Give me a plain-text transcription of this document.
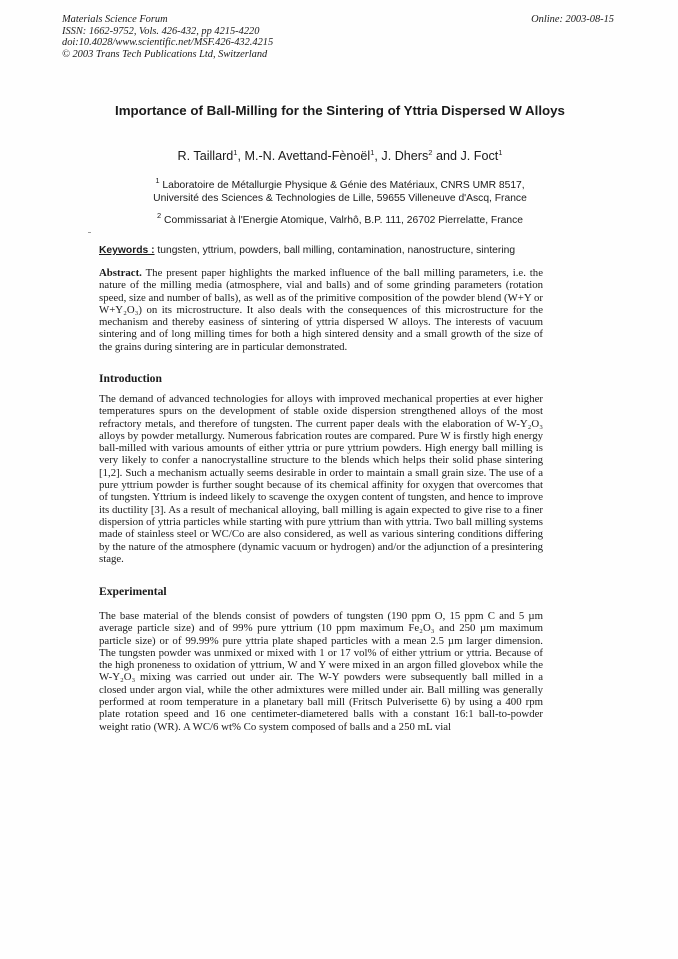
Materials Science Forum
ISSN: 1662-9752, Vols. 426-432, pp 4215-4220
doi:10.4028/www.scientific.net/MSF.426-432.4215
© 2003 Trans Tech Publications Ltd, Switzerland
Online: 2003-08-15
Importance of Ball-Milling for the Sintering of Yttria Dispersed W Alloys
R. Taillard$^1$, M.-N. Avettand-Fènoël$^1$, J. Dhers$^2$ and J. Foct$^1$
$^1$ Laboratoire de Métallurgie Physique & Génie des Matériaux, CNRS UMR 8517,
Université des Sciences & Technologies de Lille, 59655 Villeneuve d'Ascq, France
$^2$ Commissariat à l'Energie Atomique, Valrhô, B.P. 111, 26702 Pierrelatte, France
Keywords : tungsten, yttrium, powders, ball milling, contamination, nanostructure, sintering
Abstract. The present paper highlights the marked influence of the ball milling parameters, i.e. the nature of the milling media (atmosphere, vial and balls) and of some grinding parameters (rotation speed, size and number of balls), as well as of the primitive composition of the powder blend (W+Y or W+Y₂O₃) on its microstructure. It also deals with the consequences of this microstructure for the mechanism and thereby easiness of sintering of yttria dispersed W alloys. The interests of vacuum sintering and of long milling times for both a high sintered density and a small growth of the size of the grains during sintering are in particular demonstrated.
Introduction
The demand of advanced technologies for alloys with improved mechanical properties at ever higher temperatures spurs on the development of stable oxide dispersion strengthened alloys of the most refractory metals, and therefore of tungsten. The current paper deals with the elaboration of W-Y₂O₃ alloys by powder metallurgy. Numerous fabrication routes are compared. Pure W is firstly high energy ball-milled with various amounts of either yttria or pure yttrium powders. High energy ball milling is very likely to confer a nanocrystalline structure to the blends which helps their solid phase sintering [1,2]. Such a mechanism actually seems desirable in order to maintain a small grain size. The use of a pure yttrium powder is further sought because of its chemical affinity for oxygen that overcomes that of tungsten. Yttrium is indeed likely to scavenge the oxygen content of tungsten, and hence to improve its ductility [3]. As a result of mechanical alloying, ball milling is again expected to give rise to a finer dispersion of yttria particles while starting with pure yttrium than with yttria. Two ball milling systems made of stainless steel or WC/Co are also considered, as well as various sintering conditions differing by the nature of the atmosphere (dynamic vacuum or hydrogen) and/or the adjunction of a presintering stage.
Experimental
The base material of the blends consist of powders of tungsten (190 ppm O, 15 ppm C and 5 µm average particle size) and of 99% pure yttrium (10 ppm maximum Fe₂O₃ and 250 µm maximum particle size) or of 99.99% pure yttria plate shaped particles with a mean 2.5 µm larger dimension. The tungsten powder was unmixed or mixed with 1 or 17 vol% of either yttrium or yttria. Because of the high proneness to oxidation of yttrium, W and Y were mixed in an argon filled glovebox while the W-Y₂O₃ mixing was carried out under air. The W-Y powders were subsequently ball milled in a closed under argon vial, while the other admixtures were milled under air. Ball milling was generally performed at room temperature in a planetary ball mill (Fritsch Pulverisette 6) by using a 400 rpm plate rotation speed and 16 one centimeter-diametered balls with a constant 16:1 ball-to-powder weight ratio (WR). A WC/6 wt% Co system composed of balls and a 250 mL vial
